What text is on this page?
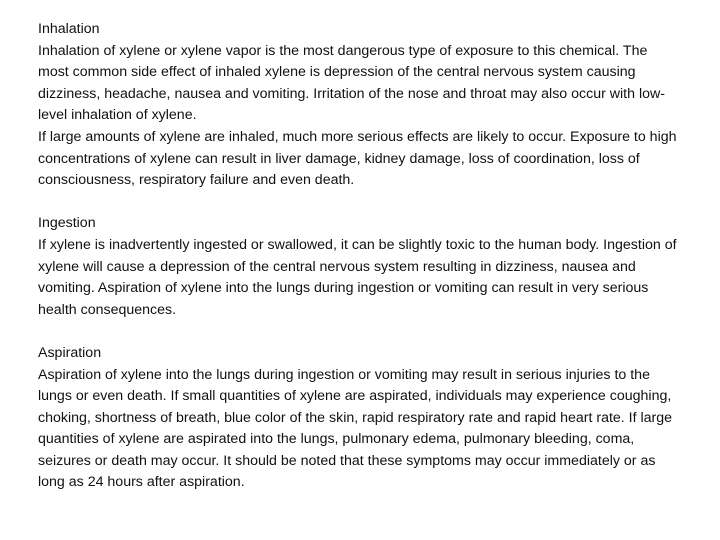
Inhalation

Inhalation of xylene or xylene vapor is the most dangerous type of exposure to this chemical. The most common side effect of inhaled xylene is depression of the central nervous system causing dizziness, headache, nausea and vomiting. Irritation of the nose and throat may also occur with low-level inhalation of xylene.

If large amounts of xylene are inhaled, much more serious effects are likely to occur. Exposure to high concentrations of xylene can result in liver damage, kidney damage, loss of coordination, loss of consciousness, respiratory failure and even death.

Ingestion

If xylene is inadvertently ingested or swallowed, it can be slightly toxic to the human body. Ingestion of xylene will cause a depression of the central nervous system resulting in dizziness, nausea and vomiting. Aspiration of xylene into the lungs during ingestion or vomiting can result in very serious health consequences.

Aspiration

Aspiration of xylene into the lungs during ingestion or vomiting may result in serious injuries to the lungs or even death. If small quantities of xylene are aspirated, individuals may experience coughing, choking, shortness of breath, blue color of the skin, rapid respiratory rate and rapid heart rate. If large quantities of xylene are aspirated into the lungs, pulmonary edema, pulmonary bleeding, coma, seizures or death may occur. It should be noted that these symptoms may occur immediately or as long as 24 hours after aspiration.
